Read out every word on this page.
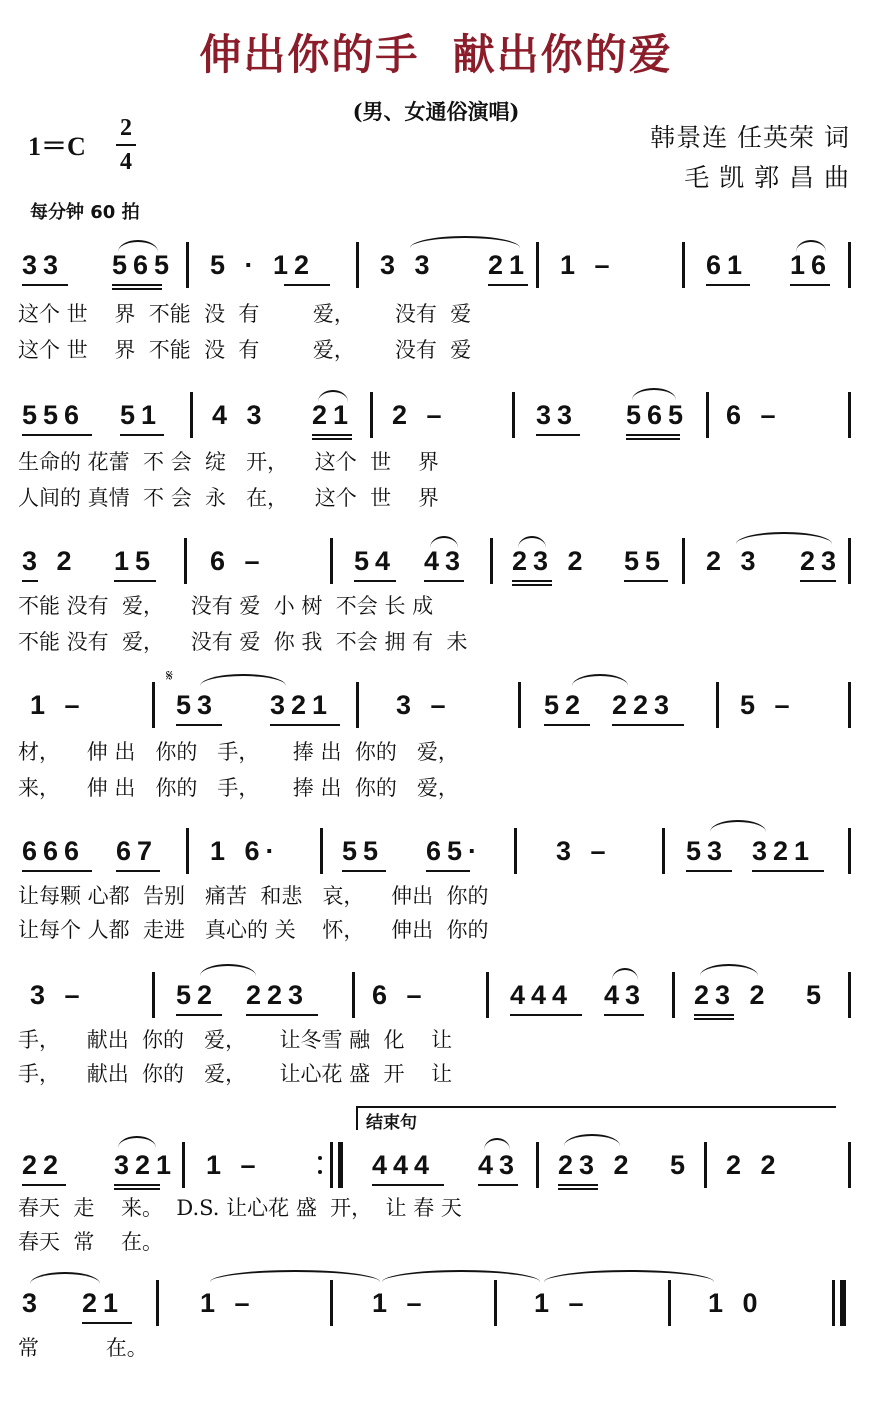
伸出你的手 献出你的爱
(男、女通俗演唱)
1＝C
2
4
韩景连 任英荣 词
毛 凯 郭 昌 曲
每分钟 60 拍
33 565 5 · 12 3 3 21 1 –	61 16
这个 世    界  不能  没  有        爱，      没有  爱
这个 世    界  不能  没  有        爱，      没有  爱
556 51 4 3 21 2 –	33 565 6 –
生命的 花蕾  不 会  绽   开，    这个  世    界
人间的 真情  不 会  永   在，    这个  世    界
3 2 15 6 –	54 43 23 2 55 2 3 23
不能 没有  爱，    没有 爱  小 树  不会 长 成
不能 没有  爱，    没有 爱  你 我  不会 拥 有  未
1 –
𝄋
53 321 3 –	52 223 5 –
材，    伸 出   你的   手，     捧 出  你的   爱，
来，    伸 出   你的   手，     捧 出  你的   爱，
666 67 1 6· 55 65·	3 –	53 321
让每颗 心都  告别   痛苦  和悲   哀，    伸出  你的
让每个 人都  走进   真心的 关    怀，    伸出  你的
3 –	52 223 6 –	444 43 23 2 5
手，    献出  你的   爱，     让冬雪 融  化    让
手，    献出  你的   爱，     让心花 盛  开    让
结束句
22 321 1 –	444 43 23 2 5 2 2
春天  走    来。  D.S. 让心花 盛  开，  让 春 天
春天  常    在。
3 21	1 –	1 –	1 –	1 0
常          在。
